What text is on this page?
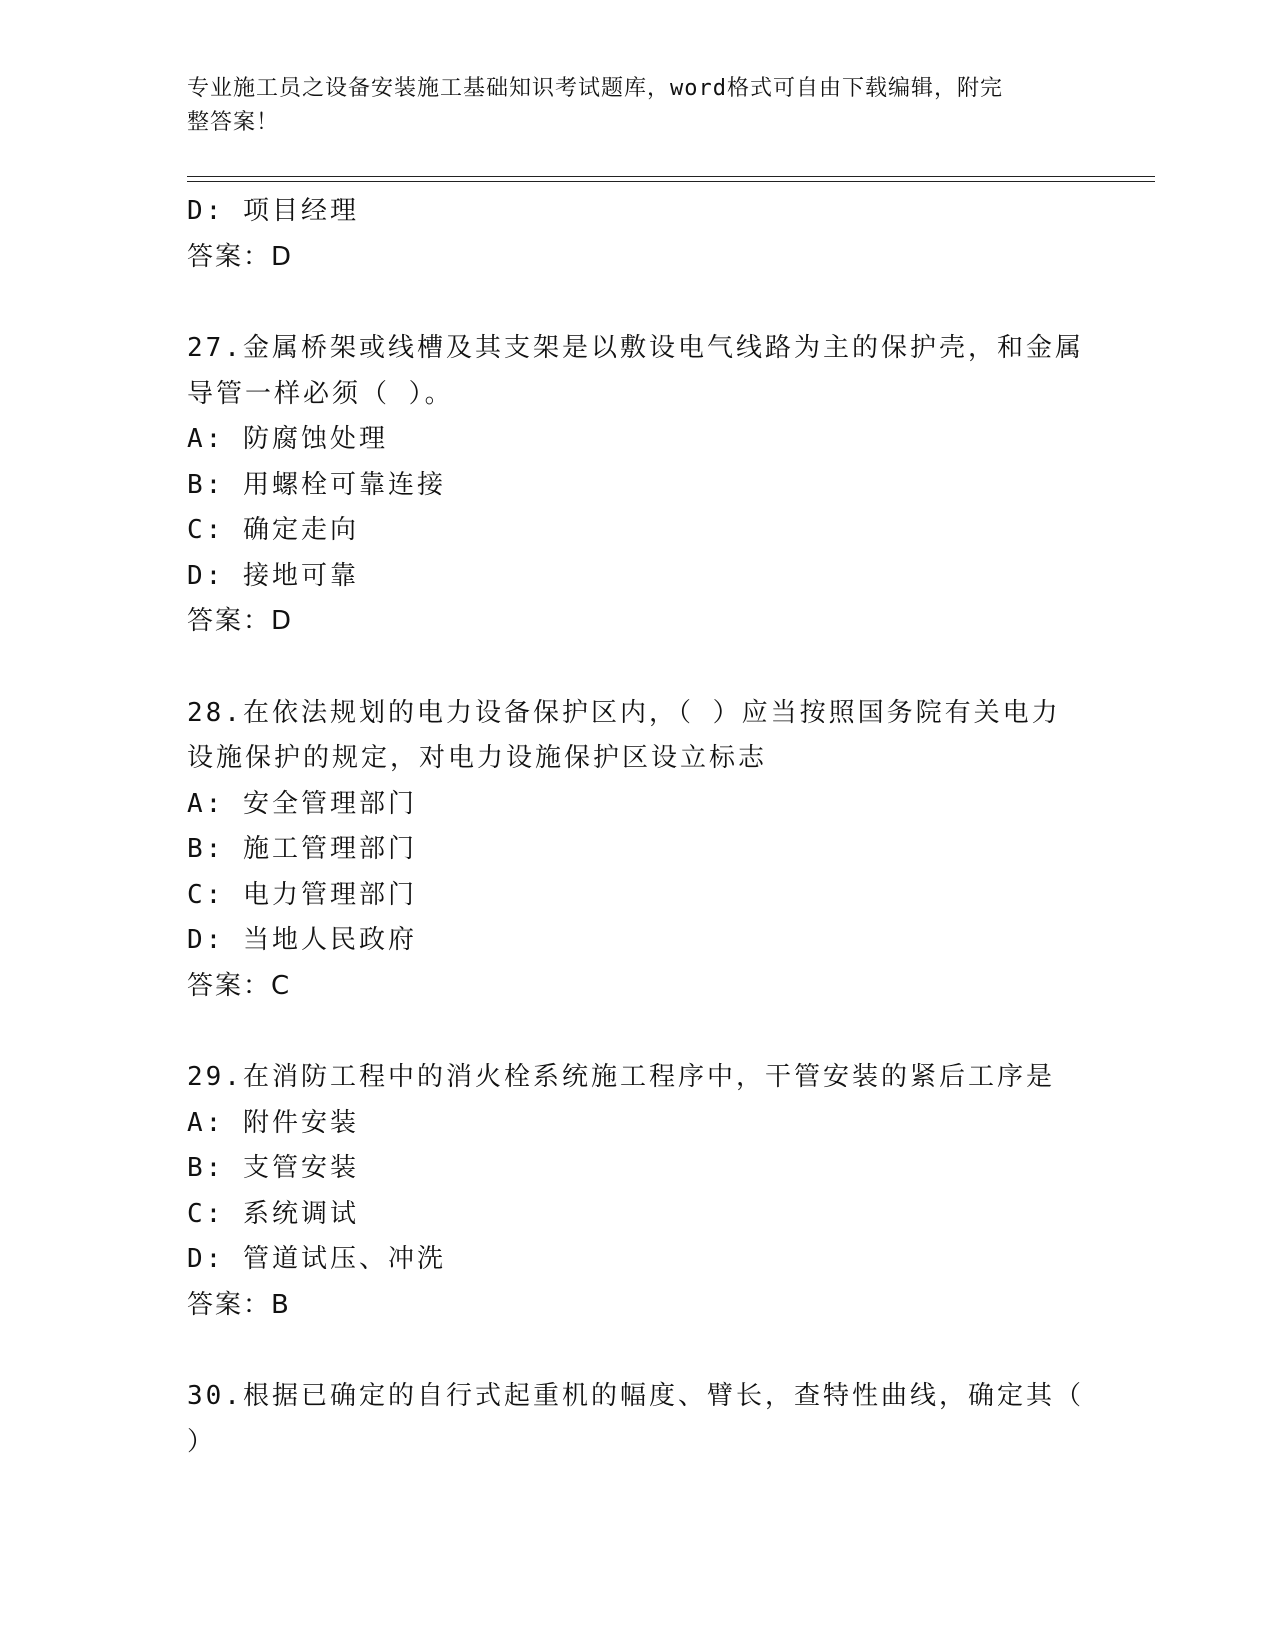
专业施工员之设备安装施工基础知识考试题库，word格式可自由下载编辑，附完
整答案！
D: 项目经理
答案：D
27.金属桥架或线槽及其支架是以敷设电气线路为主的保护壳，和金属
导管一样必须（ ）。
A: 防腐蚀处理
B: 用螺栓可靠连接
C: 确定走向
D: 接地可靠
答案：D
28.在依法规划的电力设备保护区内，（ ）应当按照国务院有关电力
设施保护的规定，对电力设施保护区设立标志
A: 安全管理部门
B: 施工管理部门
C: 电力管理部门
D: 当地人民政府
答案：C
29.在消防工程中的消火栓系统施工程序中，干管安装的紧后工序是
A: 附件安装
B: 支管安装
C: 系统调试
D: 管道试压、冲洗
答案：B
30.根据已确定的自行式起重机的幅度、臂长，查特性曲线，确定其（
）
